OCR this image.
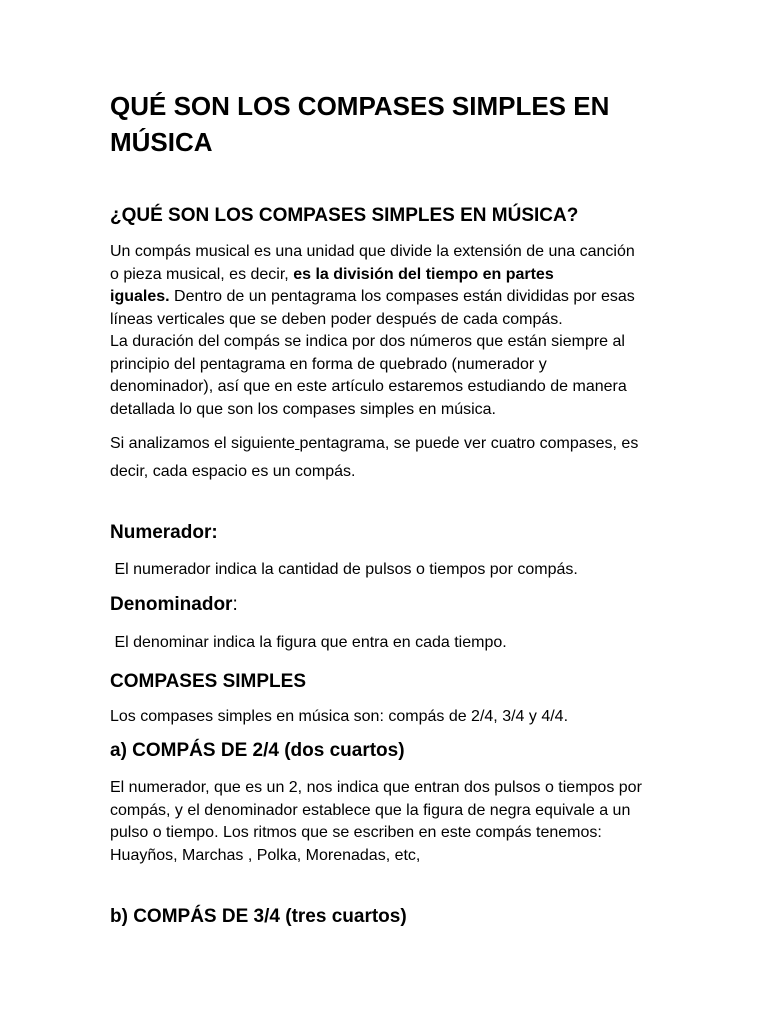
QUÉ SON LOS COMPASES SIMPLES EN MÚSICA
¿QUÉ SON LOS COMPASES SIMPLES EN MÚSICA?
Un compás musical es una unidad que divide la extensión de una canción
o pieza musical, es decir, es la división del tiempo en partes
iguales. Dentro de un pentagrama los compases están divididas por esas
líneas verticales que se deben poder después de cada compás.
La duración del compás se indica por dos números que están siempre al
principio del pentagrama en forma de quebrado (numerador y
denominador), así que en este artículo estaremos estudiando de manera
detallada lo que son los compases simples en música.
Si analizamos el siguiente pentagrama, se puede ver cuatro compases, es
decir, cada espacio es un compás.
Numerador:

El numerador indica la cantidad de pulsos o tiempos por compás.

Denominador:

El denominar indica la figura que entra en cada tiempo.

COMPASES SIMPLES

Los compases simples en música son: compás de 2/4, 3/4 y 4/4.

a) COMPÁS DE 2/4 (dos cuartos)
El numerador, que es un 2, nos indica que entran dos pulsos o tiempos por
compás, y el denominador establece que la figura de negra equivale a un
pulso o tiempo. Los ritmos que se escriben en este compás tenemos:
Huayños, Marchas , Polka, Morenadas, etc,
b) COMPÁS DE 3/4 (tres cuartos)
